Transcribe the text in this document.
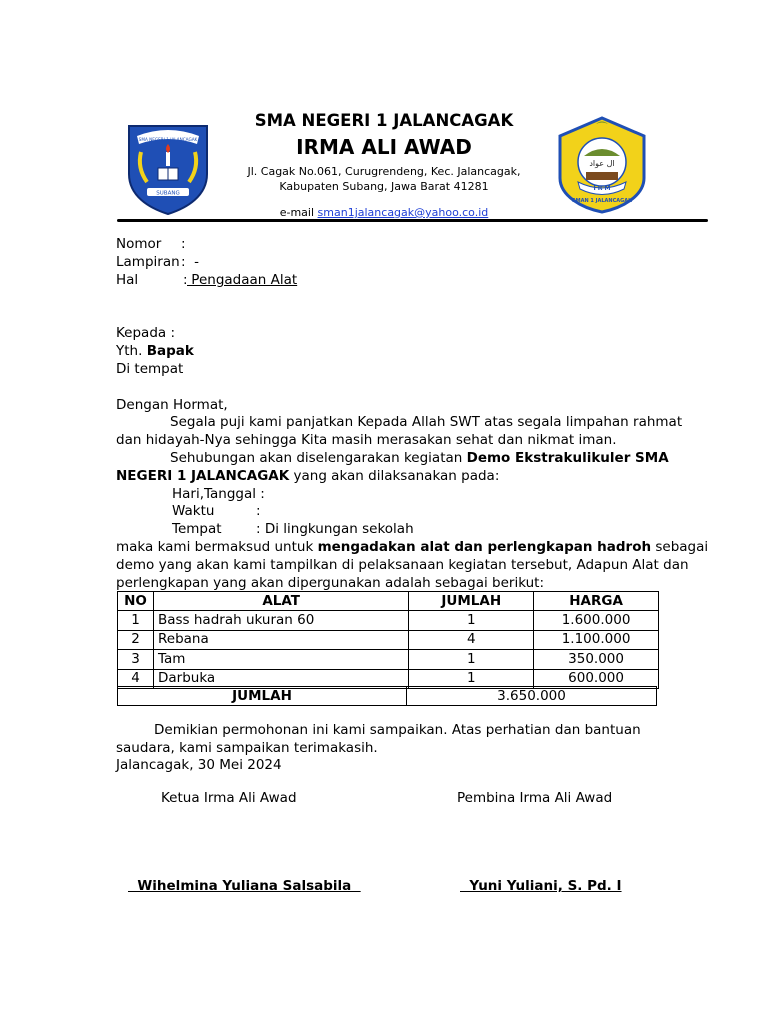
SMA NEGERI 1 JALANCAGAK
SUBANG
ال عواد
I R M
SMAN 1 JALANCAGAK
SMA NEGERI 1 JALANCAGAK
IRMA ALI AWAD
Jl. Cagak No.061, Curugrendeng, Kec. Jalancagak,
Kabupaten Subang, Jawa Barat 41281
e-mail sman1jalancagak@yahoo.co.id
Nomor :
Lampiran :  -
Hal	: Pengadaan Alat
Kepada :
Yth. Bapak
Di tempat
Dengan Hormat,
Segala puji kami panjatkan Kepada Allah SWT atas segala limpahan rahmat
dan hidayah-Nya sehingga Kita masih merasakan sehat dan nikmat iman.
Sehubungan akan diselengarakan kegiatan Demo Ekstrakulikuler SMA
NEGERI 1 JALANCAGAK yang akan dilaksanakan pada:
Hari,Tanggal :
Waktu	:
Tempat	: Di lingkungan sekolah
maka kami bermaksud untuk mengadakan alat dan perlengkapan hadroh sebagai
demo yang akan kami tampilkan di pelaksanaan kegiatan tersebut, Adapun Alat dan
perlengkapan yang akan dipergunakan adalah sebagai berikut:
NO	ALAT	JUMLAH	HARGA
1	Bass hadrah ukuran 60	1	1.600.000
2	Rebana	4	1.100.000
3	Tam	1	350.000
4	Darbuka	1	600.000
JUMLAH	3.650.000
Demikian permohonan ini kami sampaikan. Atas perhatian dan bantuan
saudara, kami sampaikan terimakasih.
Jalancagak, 30 Mei 2024
Ketua Irma Ali Awad	Pembina Irma Ali Awad
Wihelmina Yuliana Salsabila	Yuni Yuliani, S. Pd. I
